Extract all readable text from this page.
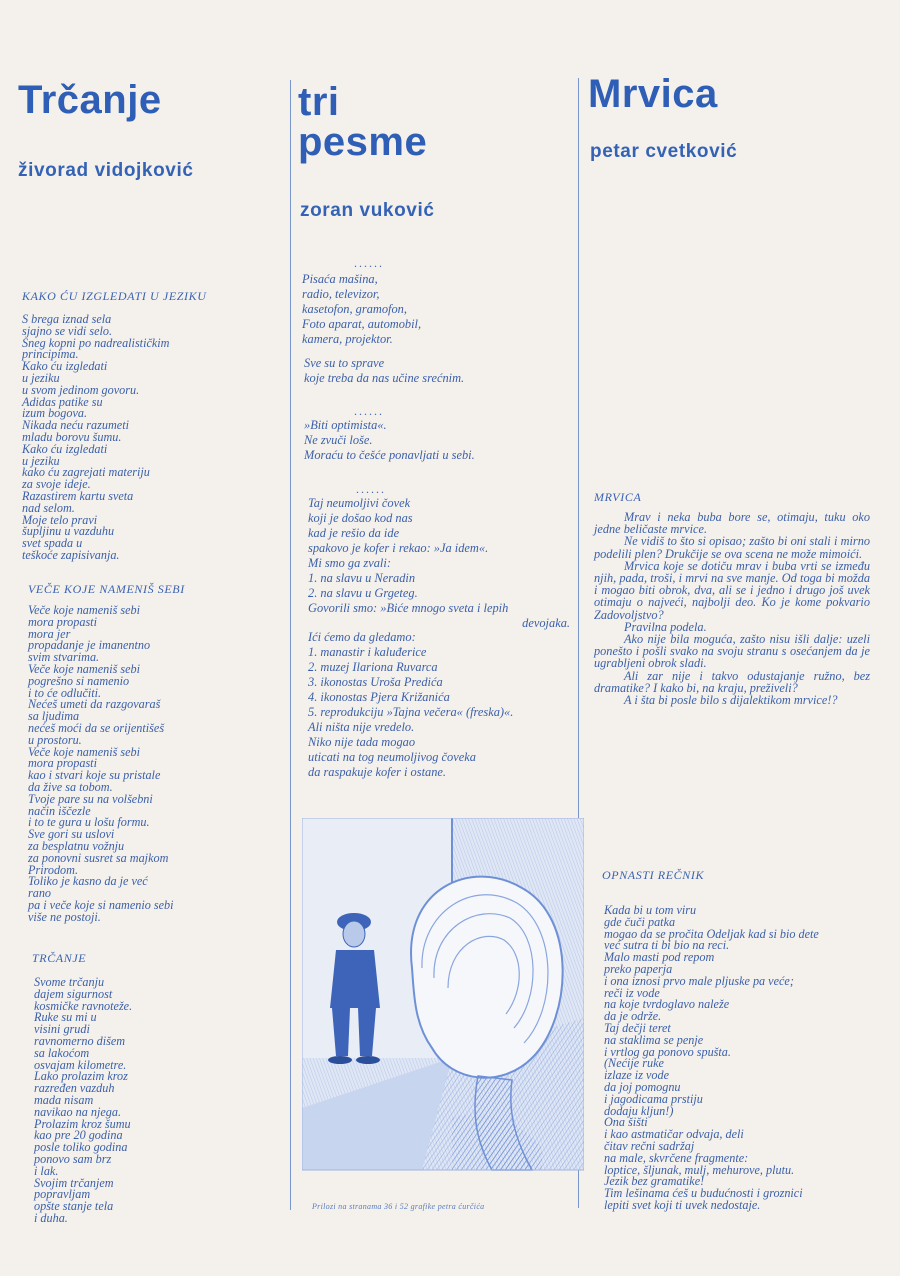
Trčanje
živorad vidojković
KAKO ĆU IZGLEDATI U JEZIKU
S brega iznad sela
sjajno se vidi selo.
Sneg kopni po nadrealističkim
principima.
Kako ću izgledati
u jeziku
u svom jedinom govoru.
Adidas patike su
izum bogova.
Nikada neću razumeti
mladu borovu šumu.
Kako ću izgledati
u jeziku
kako ću zagrejati materiju
za svoje ideje.
Razastirem kartu sveta
nad selom.
Moje telo pravi
šupljinu u vazduhu
svet spada u
teškoće zapisivanja.
VEČE KOJE NAMENIŠ SEBI
Veče koje nameniš sebi
mora propasti
mora jer
propadanje je imanentno
svim stvarima.
Veče koje nameniš sebi
pogrešno si namenio
i to će odlučiti.
Nećeš umeti da razgovaraš
sa ljudima
nećeš moći da se orijentišeš
u prostoru.
Veče koje nameniš sebi
mora propasti
kao i stvari koje su pristale
da žive sa tobom.
Tvoje pare su na volšebni
način iščezle
i to te gura u lošu formu.
Sve gori su uslovi
za besplatnu vožnju
za ponovni susret sa majkom
Prirodom.
Toliko je kasno da je već
rano
pa i veče koje si namenio sebi
više ne postoji.
TRČANJE
Svome trčanju
dajem sigurnost
kosmičke ravnoteže.
Ruke su mi u
visini grudi
ravnomerno dišem
sa lakoćom
osvajam kilometre.
Lako prolazim kroz
razređen vazduh
mada nisam
navikao na njega.
Prolazim kroz šumu
kao pre 20 godina
posle toliko godina
ponovo sam brz
i lak.
Svojim trčanjem
popravljam
opšte stanje tela
i duha.
tri
pesme
zoran vuković
......
Pisaća mašina,
radio, televizor,
kasetofon, gramofon,
Foto aparat, automobil,
kamera, projektor.
Sve su to sprave
koje treba da nas učine srećnim.
......
»Biti optimista«.
Ne zvuči loše.
Moraću to češće ponavljati u sebi.
......
Taj neumoljivi čovek
koji je došao kod nas
kad je rešio da ide
spakovo je kofer i rekao: »Ja idem«.
Mi smo ga zvali:
1. na slavu u Neradin
2. na slavu u Grgeteg.
Govorili smo: »Biće mnogo sveta i lepih
devojaka.
Ići ćemo da gledamo:
1. manastir i kaluđerice
2. muzej Ilariona Ruvarca
3. ikonostas Uroša Predića
4. ikonostas Pjera Križanića
5. reprodukciju »Tajna večera« (freska)«.
Ali ništa nije vredelo.
Niko nije tada mogao
uticati na tog neumoljivog čoveka
da raspakuje kofer i ostane.
Prilozi na stranama 36 i 52 grafike petra ćurčića
Mrvica
petar cvetković
MRVICA

Mrav i neka buba bore se, otimaju, tuku oko jedne beličaste mrvice.

Ne vidiš to što si opisao; zašto bi oni stali i mirno podelili plen? Drukčije se ova scena ne može mimoići.

Mrvica koje se dotiču mrav i buba vrti se između njih, pada, troši, i mrvi na sve manje. Od toga bi možda i mogao biti obrok, dva, ali se i jedno i drugo još uvek otimaju o najveći, najbolji deo. Ko je kome pokvario Zadovoljstvo?

Pravilna podela.

Ako nije bila moguća, zašto nisu išli dalje: uzeli ponešto i pošli svako na svoju stranu s osećanjem da je ugrabljeni obrok sladi.

Ali zar nije i takvo odustajanje ružno, bez dramatike? I kako bi, na kraju, preživeli?

A i šta bi posle bilo s dijalektikom mrvice!?

OPNASTI REČNIK
Kada bi u tom viru
gde čuči patka
mogao da se pročita Odeljak kad si bio dete
već sutra ti bi bio na reci.
Malo masti pod repom
preko paperja
i ona iznosi prvo male pljuske pa veće;
reči iz vode
na koje tvrdoglavo naleže
da je održe.
Taj dečji teret
na staklima se penje
i vrtlog ga ponovo spušta.
(Nećije ruke
izlaze iz vode
da joj pomognu
i jagodicama prstiju
dodaju kljun!)
Ona šišti
i kao astmatičar odvaja, deli
čitav rečni sadržaj
na male, skvrčene fragmente:
loptice, šljunak, mulj, mehurove, plutu.
Jezik bez gramatike!
Tim lešinama ćeš u budućnosti i groznici
lepiti svet koji ti uvek nedostaje.
